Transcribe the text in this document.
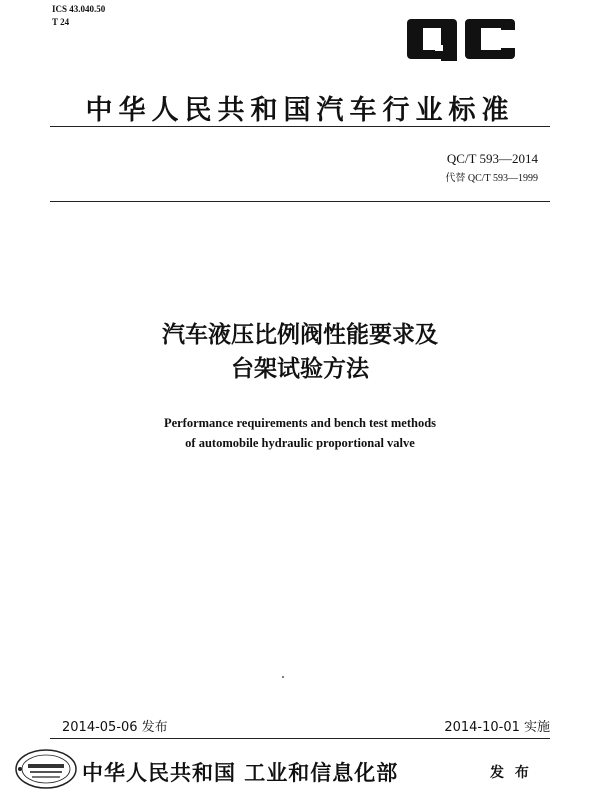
ICS 43.040.50
T 24
中华人民共和国汽车行业标准
QC/T 593—2014
代替 QC/T 593—1999
汽车液压比例阀性能要求及
台架试验方法
Performance requirements and bench test methods
of automobile hydraulic proportional valve
2014-05-06 发布	2014-10-01 实施
中华人民共和国 工业和信息化部	发 布
